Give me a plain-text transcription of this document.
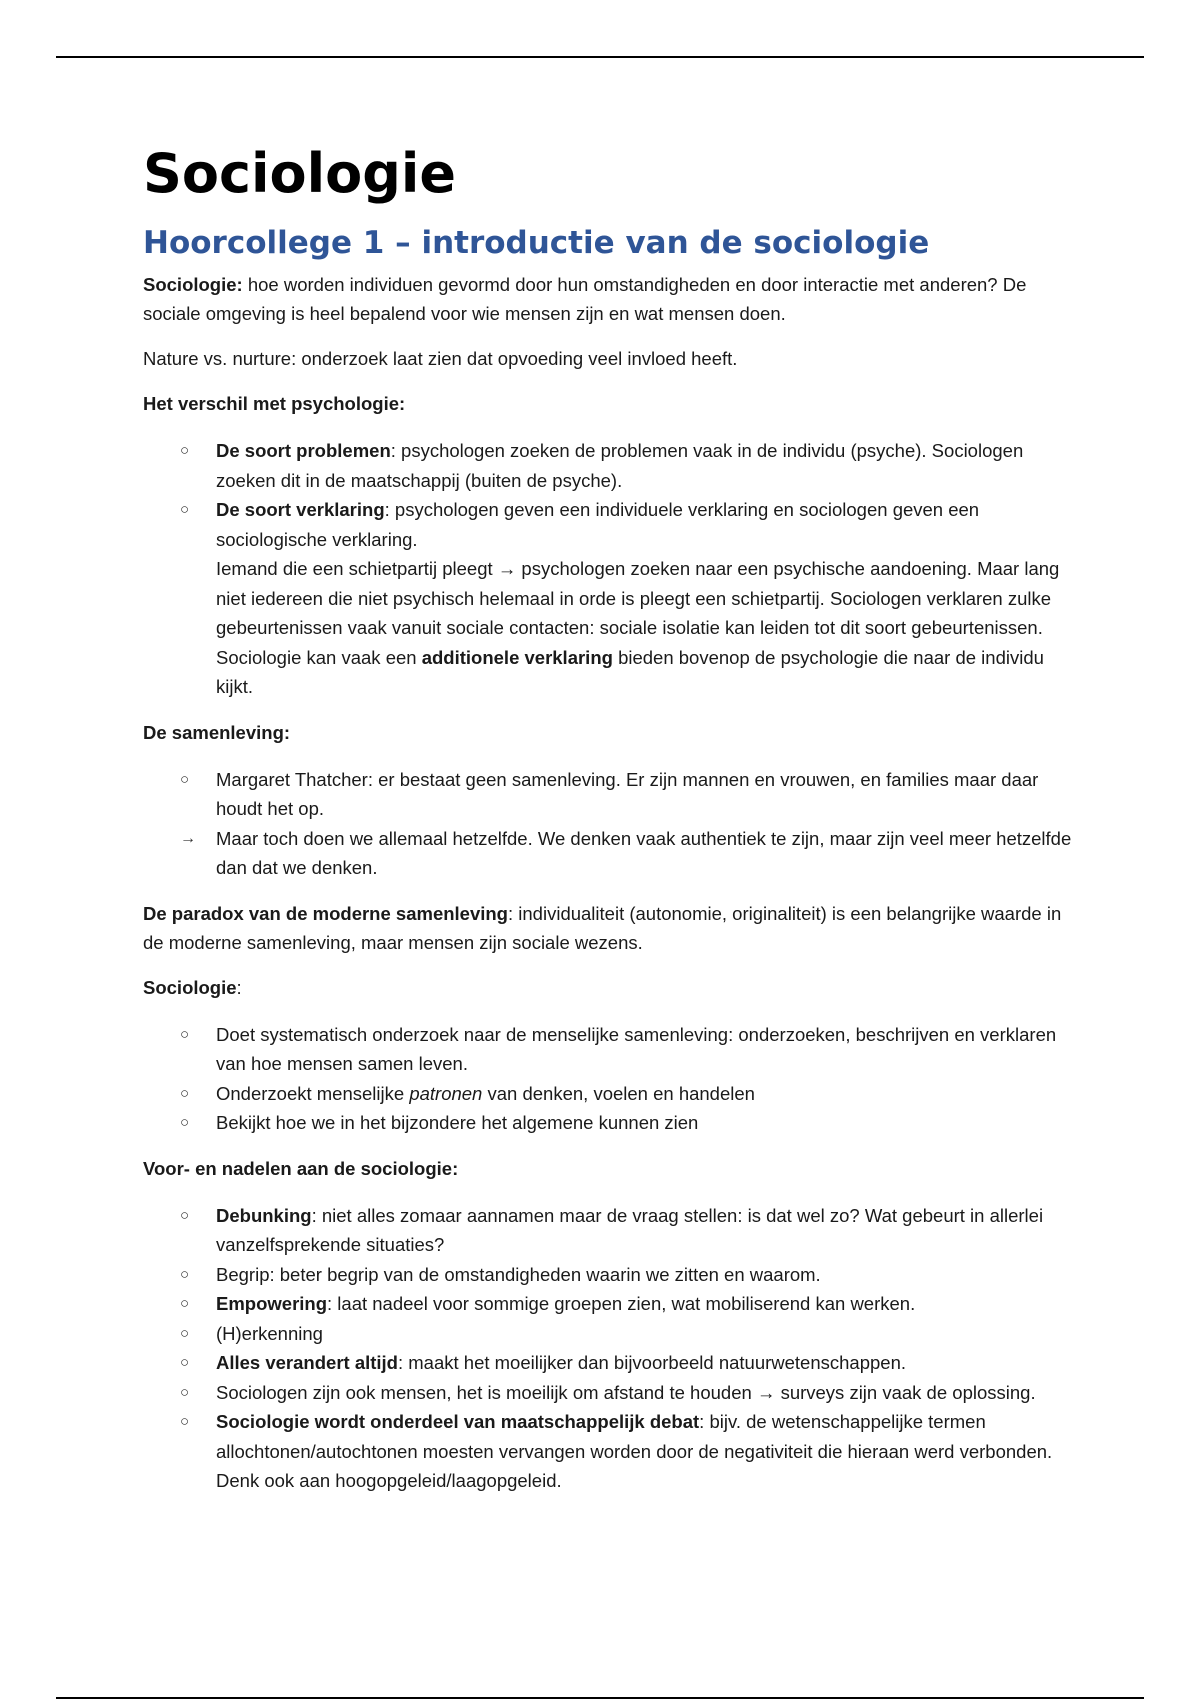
Sociologie
Hoorcollege 1 – introductie van de sociologie

Sociologie: hoe worden individuen gevormd door hun omstandigheden en door interactie met anderen? De sociale omgeving is heel bepalend voor wie mensen zijn en wat mensen doen.

Nature vs. nurture: onderzoek laat zien dat opvoeding veel invloed heeft.

Het verschil met psychologie:

○	De soort problemen: psychologen zoeken de problemen vaak in de individu (psyche). Sociologen zoeken dit in de maatschappij (buiten de psyche).
○	De soort verklaring: psychologen geven een individuele verklaring en sociologen geven een sociologische verklaring.
Iemand die een schietpartij pleegt → psychologen zoeken naar een psychische aandoening. Maar lang niet iedereen die niet psychisch helemaal in orde is pleegt een schietpartij. Sociologen verklaren zulke gebeurtenissen vaak vanuit sociale contacten: sociale isolatie kan leiden tot dit soort gebeurtenissen. Sociologie kan vaak een additionele verklaring bieden bovenop de psychologie die naar de individu kijkt.

De samenleving:

○	Margaret Thatcher: er bestaat geen samenleving. Er zijn mannen en vrouwen, en families maar daar houdt het op.
→ Maar toch doen we allemaal hetzelfde. We denken vaak authentiek te zijn, maar zijn veel meer hetzelfde dan dat we denken.

De paradox van de moderne samenleving: individualiteit (autonomie, originaliteit) is een belangrijke waarde in de moderne samenleving, maar mensen zijn sociale wezens.

Sociologie:

○	Doet systematisch onderzoek naar de menselijke samenleving: onderzoeken, beschrijven en verklaren van hoe mensen samen leven.
○	Onderzoekt menselijke patronen van denken, voelen en handelen
○	Bekijkt hoe we in het bijzondere het algemene kunnen zien

Voor- en nadelen aan de sociologie:

○	Debunking: niet alles zomaar aannamen maar de vraag stellen: is dat wel zo? Wat gebeurt in allerlei vanzelfsprekende situaties?
○	Begrip: beter begrip van de omstandigheden waarin we zitten en waarom.
○	Empowering: laat nadeel voor sommige groepen zien, wat mobiliserend kan werken.
○	(H)erkenning
○	Alles verandert altijd: maakt het moeilijker dan bijvoorbeeld natuurwetenschappen.
○	Sociologen zijn ook mensen, het is moeilijk om afstand te houden → surveys zijn vaak de oplossing.
○	Sociologie wordt onderdeel van maatschappelijk debat: bijv. de wetenschappelijke termen allochtonen/autochtonen moesten vervangen worden door de negativiteit die hieraan werd verbonden. Denk ook aan hoogopgeleid/laagopgeleid.
